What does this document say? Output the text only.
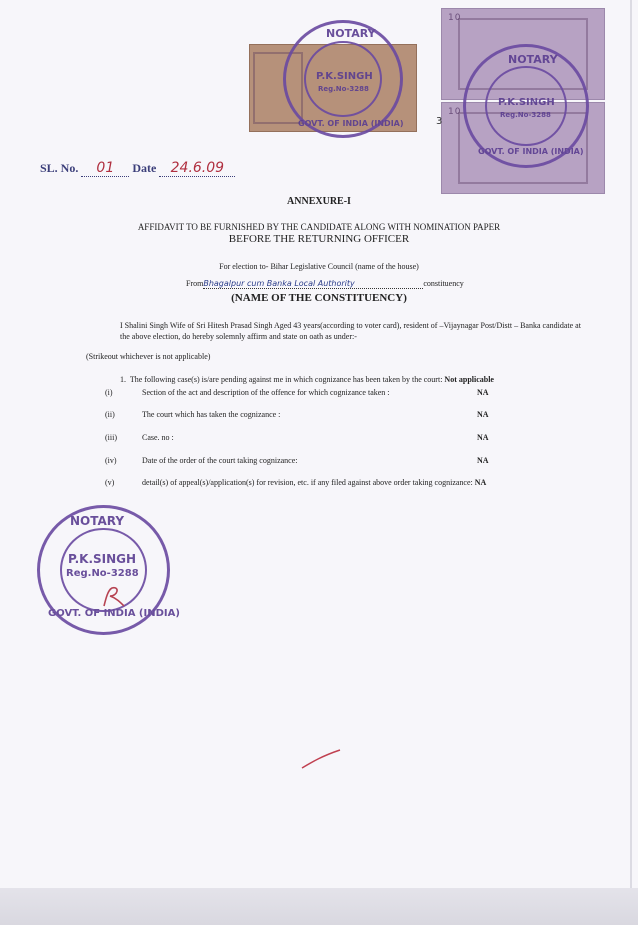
10
10
3
NOTARY
P.K.SINGH
Reg.No-3288
GOVT. OF INDIA (INDIA)
NOTARY
P.K.SINGH
Reg.No-3288
GOVT. OF INDIA (INDIA)
SL. No. 01 Date 24.6.09
ANNEXURE-I
AFFIDAVIT TO BE FURNISHED BY THE CANDIDATE ALONG WITH NOMINATION PAPER
BEFORE THE RETURNING OFFICER
For election to- Bihar Legislative Council (name of the house)
FromBhagalpur cum Banka Local Authority	constituency
(NAME OF THE CONSTITUENCY)
I Shalini Singh Wife of Sri Hitesh Prasad Singh Aged 43 years(according to voter card), resident of –Vijaynagar Post/Distt – Banka candidate at the above election, do hereby solemnly affirm and state on oath as under:-
(Strikeout whichever is not applicable)
1. The following case(s) is/are pending against me in which cognizance has been taken by the court: Not applicable
(i)	Section of the act and description of the offence for which cognizance taken :	NA
(ii)	The court which has taken the cognizance :	NA
(iii)	Case. no :	NA
(iv)	Date of the order of the court taking cognizance:	NA
(v)	detail(s) of appeal(s)/application(s) for revision, etc. if any filed against above order taking cognizance: NA
NOTARY
P.K.SINGH
Reg.No-3288
GOVT. OF INDIA (INDIA)
